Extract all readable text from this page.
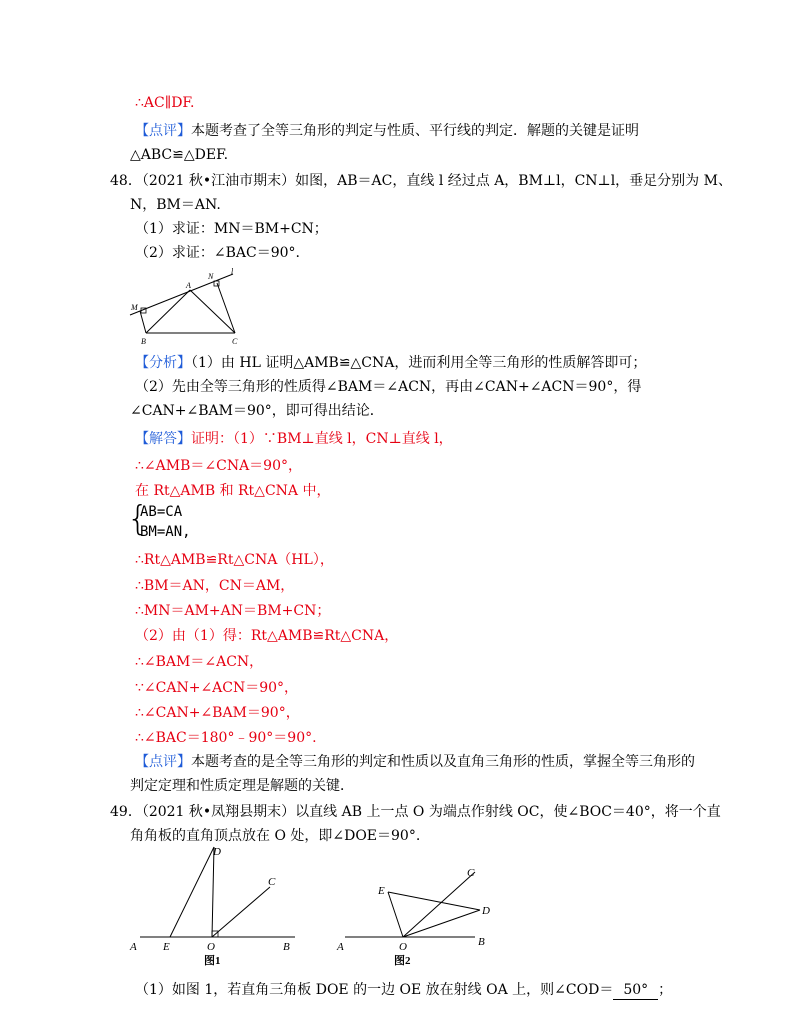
∴AC∥DF.
【点评】本题考查了全等三角形的判定与性质、平行线的判定．解题的关键是证明
△ABC≌△DEF.
48．（2021 秋•江油市期末）如图，AB＝AC，直线 l 经过点 A，BM⊥l，CN⊥l，垂足分别为 M、
N，BM＝AN.
（1）求证：MN＝BM+CN；
（2）求证：∠BAC＝90°.
A
B	C
M
N
l
【分析】（1）由 HL 证明△AMB≌△CNA，进而利用全等三角形的性质解答即可；
（2）先由全等三角形的性质得∠BAM＝∠ACN，再由∠CAN+∠ACN＝90°，得
∠CAN+∠BAM＝90°，即可得出结论．
【解答】证明：（1）∵BM⊥直线 l，CN⊥直线 l，
∴∠AMB＝∠CNA＝90°，
在 Rt△AMB 和 Rt△CNA 中，
{
AB=CA
BM=AN,
∴Rt△AMB≌Rt△CNA（HL），
∴BM＝AN，CN＝AM，
∴MN＝AM+AN＝BM+CN；
（2）由（1）得：Rt△AMB≌Rt△CNA，
∴∠BAM＝∠ACN，
∵∠CAN+∠ACN＝90°，
∴∠CAN+∠BAM＝90°，
∴∠BAC＝180°﹣90°＝90°.
【点评】本题考查的是全等三角形的判定和性质以及直角三角形的性质，掌握全等三角形的
判定定理和性质定理是解题的关键．
49．（2021 秋•凤翔县期末）以直线 AB 上一点 O 为端点作射线 OC，使∠BOC＝40°，将一个直
角角板的直角顶点放在 O 处，即∠DOE＝90°.
A E	O	B
D
C
图1
A	O	B
E
D
C
图2
（1）如图 1，若直角三角板 DOE 的一边 OE 放在射线 OA 上，则∠COD＝ 50° ；
